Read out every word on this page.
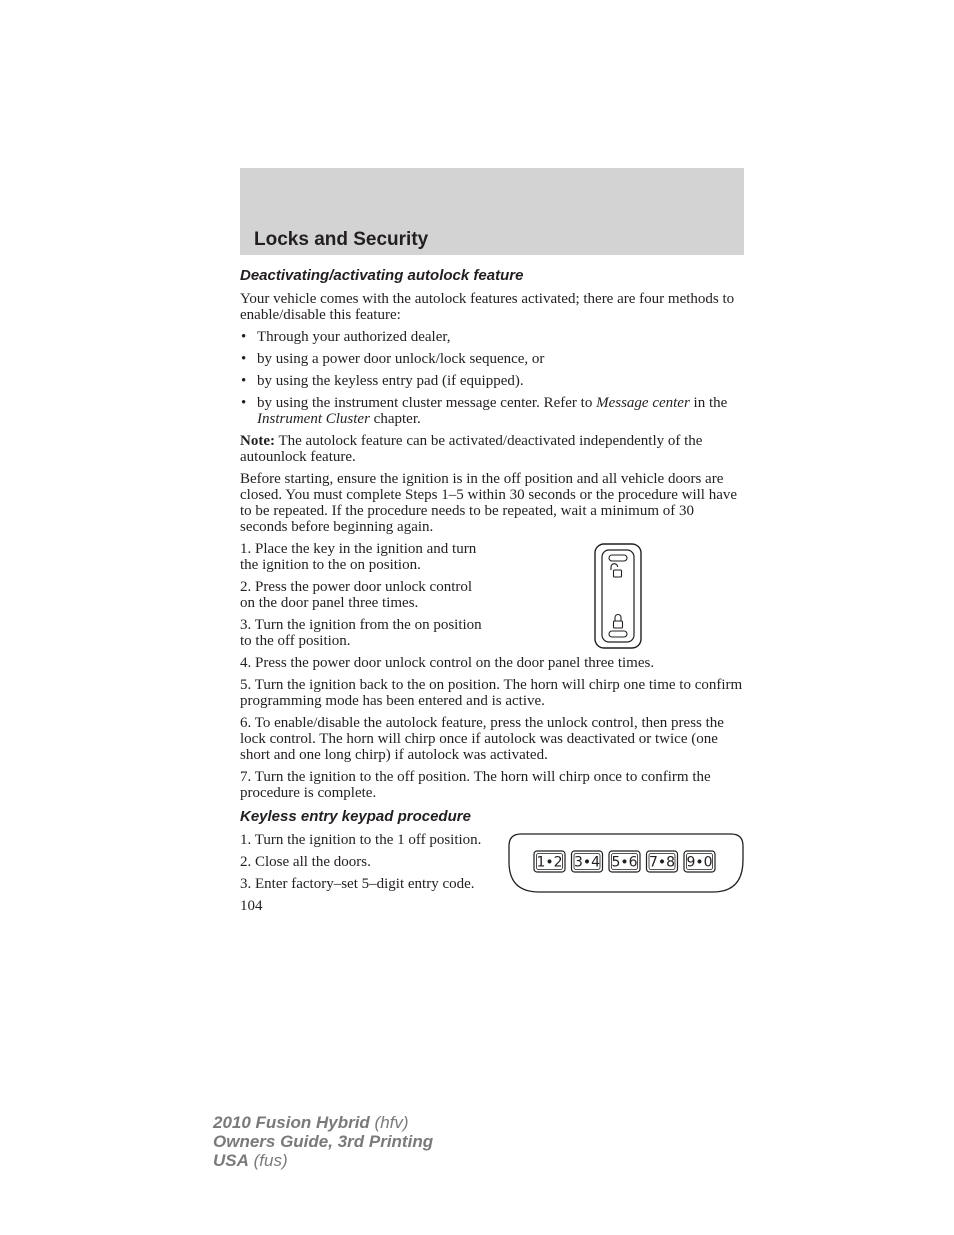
Locks and Security
Deactivating/activating autolock feature

Your vehicle comes with the autolock features activated; there are four methods to enable/disable this feature:

• Through your authorized dealer,
• by using a power door unlock/lock sequence, or
• by using the keyless entry pad (if equipped).
• by using the instrument cluster message center. Refer to Message center in the Instrument Cluster chapter.

Note: The autolock feature can be activated/deactivated independently of the autounlock feature.

Before starting, ensure the ignition is in the off position and all vehicle doors are closed. You must complete Steps 1–5 within 30 seconds or the procedure will have to be repeated. If the procedure needs to be repeated, wait a minimum of 30 seconds before beginning again.

1. Place the key in the ignition and turn the ignition to the on position.

2. Press the power door unlock control on the door panel three times.

3. Turn the ignition from the on position to the off position.

4. Press the power door unlock control on the door panel three times.

5. Turn the ignition back to the on position. The horn will chirp one time to confirm programming mode has been entered and is active.

6. To enable/disable the autolock feature, press the unlock control, then press the lock control. The horn will chirp once if autolock was deactivated or twice (one short and one long chirp) if autolock was activated.

7. Turn the ignition to the off position. The horn will chirp once to confirm the procedure is complete.

Keyless entry keypad procedure

1. Turn the ignition to the 1 off position.

2. Close all the doors.

3. Enter factory–set 5–digit entry code.

1•2 3•4 5•6 7•8 9•0
104
2010 Fusion Hybrid (hfv)
Owners Guide, 3rd Printing
USA (fus)
